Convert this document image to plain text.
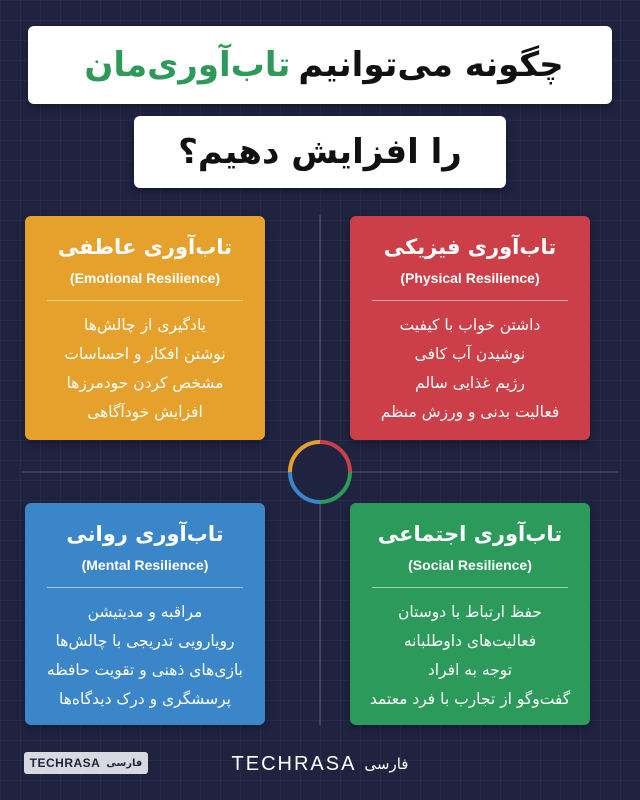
چگونه می‌توانیم
تاب‌آوری‌مان
را افزایش دهیم؟
تاب‌آوری فیزیکی
(Physical Resilience)
داشتن خواب با کیفیت
نوشیدن آب کافی
رژیم غذایی سالم
فعالیت بدنی و ورزش منظم
تاب‌آوری عاطفی
(Emotional Resilience)
یادگیری از چالش‌ها
نوشتن افکار و احساسات
مشخص کردن حودمرزها
افزایش خودآگاهی
تاب‌آوری اجتماعی
(Social Resilience)
حفظ ارتباط با دوستان
فعالیت‌های داوطلبانه
توجه به افراد
گفت‌وگو از تجارب با فرد معتمد
تاب‌آوری روانی
(Mental Resilience)
مراقبه و مدیتیشن
رویارویی تدریجی با چالش‌ها
بازی‌های ذهنی و تقویت حافظه
پرسشگری و درک دیدگاه‌ها
TECHRASA فارسی	TECHRASA فارسی
